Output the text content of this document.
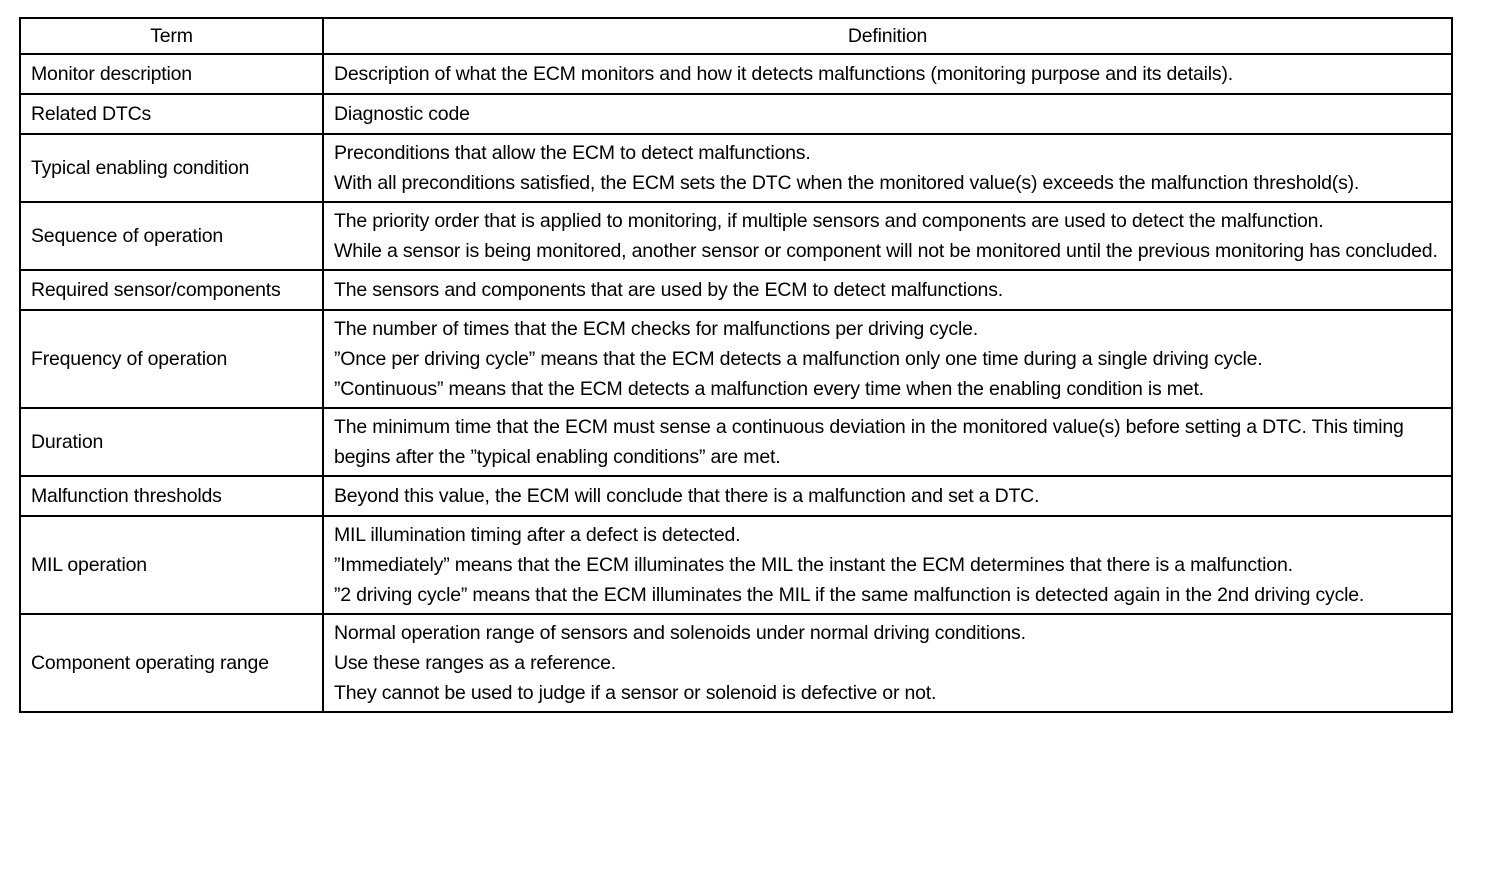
Term	Definition
Monitor description	Description of what the ECM monitors and how it detects malfunctions (monitoring purpose and its details).

Related DTCs	Diagnostic code

Typical enabling condition	Preconditions that allow the ECM to detect malfunctions.
With all preconditions satisfied, the ECM sets the DTC when the monitored value(s) exceeds the malfunction threshold(s).

Sequence of operation	The priority order that is applied to monitoring, if multiple sensors and components are used to detect the malfunction.
While a sensor is being monitored, another sensor or component will not be monitored until the previous monitoring has concluded.

Required sensor/components	The sensors and components that are used by the ECM to detect malfunctions.

Frequency of operation	The number of times that the ECM checks for malfunctions per driving cycle.
”Once per driving cycle” means that the ECM detects a malfunction only one time during a single driving cycle.
”Continuous” means that the ECM detects a malfunction every time when the enabling condition is met.

Duration	The minimum time that the ECM must sense a continuous deviation in the monitored value(s) before setting a DTC. This timing begins after the ”typical enabling conditions” are met.

Malfunction thresholds	Beyond this value, the ECM will conclude that there is a malfunction and set a DTC.

MIL operation	MIL illumination timing after a defect is detected.
”Immediately” means that the ECM illuminates the MIL the instant the ECM determines that there is a malfunction.
”2 driving cycle” means that the ECM illuminates the MIL if the same malfunction is detected again in the 2nd driving cycle.

Component operating range	Normal operation range of sensors and solenoids under normal driving conditions.
Use these ranges as a reference.
They cannot be used to judge if a sensor or solenoid is defective or not.
